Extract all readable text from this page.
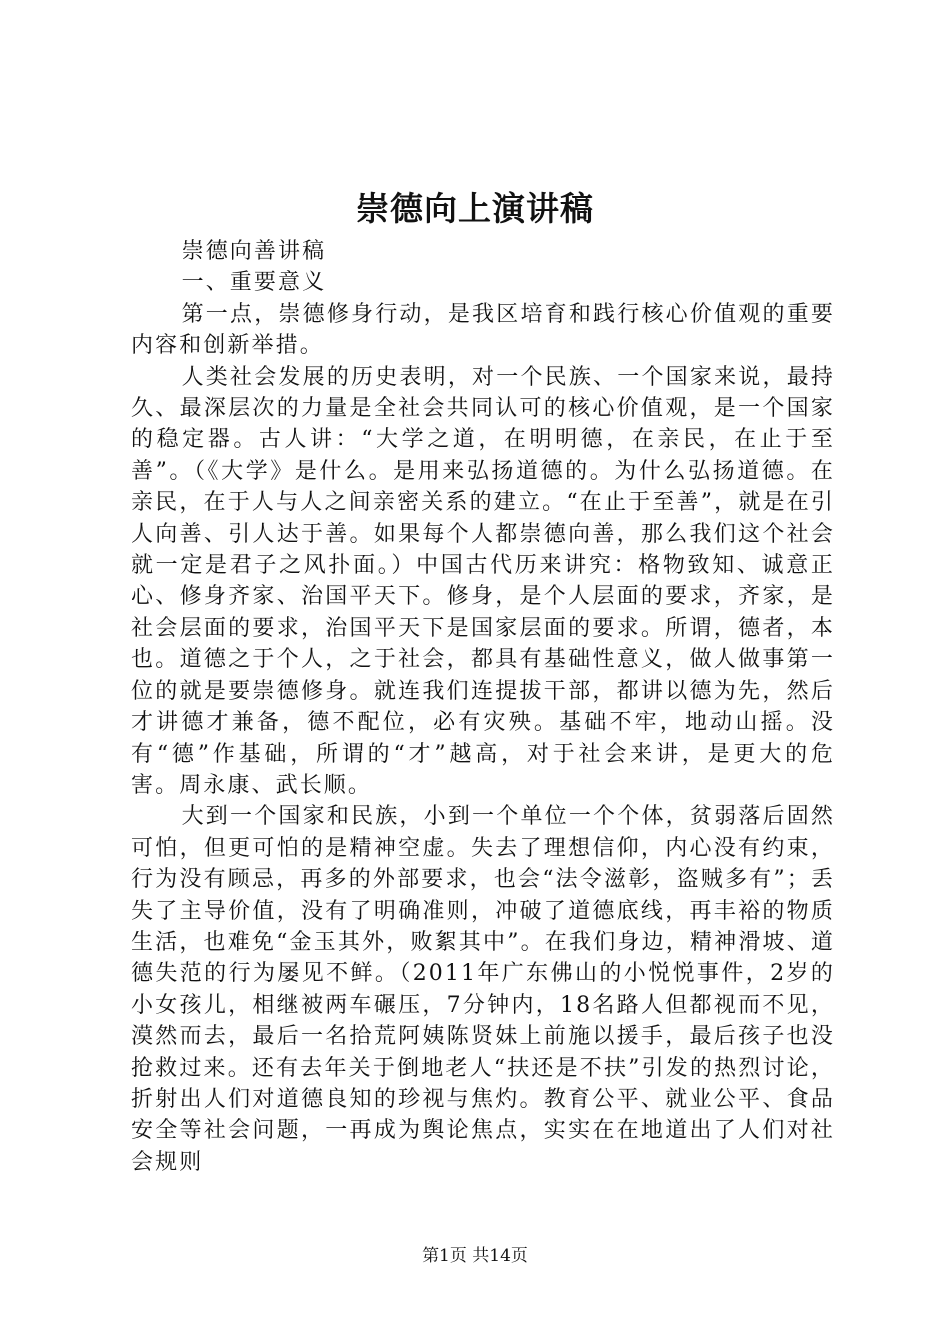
崇德向上演讲稿

崇德向善讲稿

一、重要意义

第一点，崇德修身行动，是我区培育和践行核心价值观的重要内容和创新举措。

人类社会发展的历史表明，对一个民族、一个国家来说，最持久、最深层次的力量是全社会共同认可的核心价值观，是一个国家的稳定器。古人讲：“大学之道，在明明德，在亲民，在止于至善”。（《大学》是什么。是用来弘扬道德的。为什么弘扬道德。在亲民，在于人与人之间亲密关系的建立。“在止于至善”，就是在引人向善、引人达于善。如果每个人都崇德向善，那么我们这个社会就一定是君子之风扑面。）中国古代历来讲究：格物致知、诚意正心、修身齐家、治国平天下。修身，是个人层面的要求，齐家，是社会层面的要求，治国平天下是国家层面的要求。所谓，德者，本也。道德之于个人，之于社会，都具有基础性意义，做人做事第一位的就是要崇德修身。就连我们连提拔干部，都讲以德为先，然后才讲德才兼备，德不配位，必有灾殃。基础不牢，地动山摇。没有“德”作基础，所谓的“才”越高，对于社会来讲，是更大的危害。周永康、武长顺。

大到一个国家和民族，小到一个单位一个个体，贫弱落后固然可怕，但更可怕的是精神空虚。失去了理想信仰，内心没有约束，行为没有顾忌，再多的外部要求，也会“法令滋彰，盗贼多有”；丢失了主导价值，没有了明确准则，冲破了道德底线，再丰裕的物质生活，也难免“金玉其外，败絮其中”。在我们身边，精神滑坡、道德失范的行为屡见不鲜。（2011年广东佛山的小悦悦事件，2岁的小女孩儿，相继被两车碾压，7分钟内，18名路人但都视而不见，漠然而去，最后一名拾荒阿姨陈贤妹上前施以援手，最后孩子也没抢救过来。还有去年关于倒地老人“扶还是不扶”引发的热烈讨论，折射出人们对道德良知的珍视与焦灼。教育公平、就业公平、食品安全等社会问题，一再成为舆论焦点，实实在在地道出了人们对社会规则

第1页 共14页
